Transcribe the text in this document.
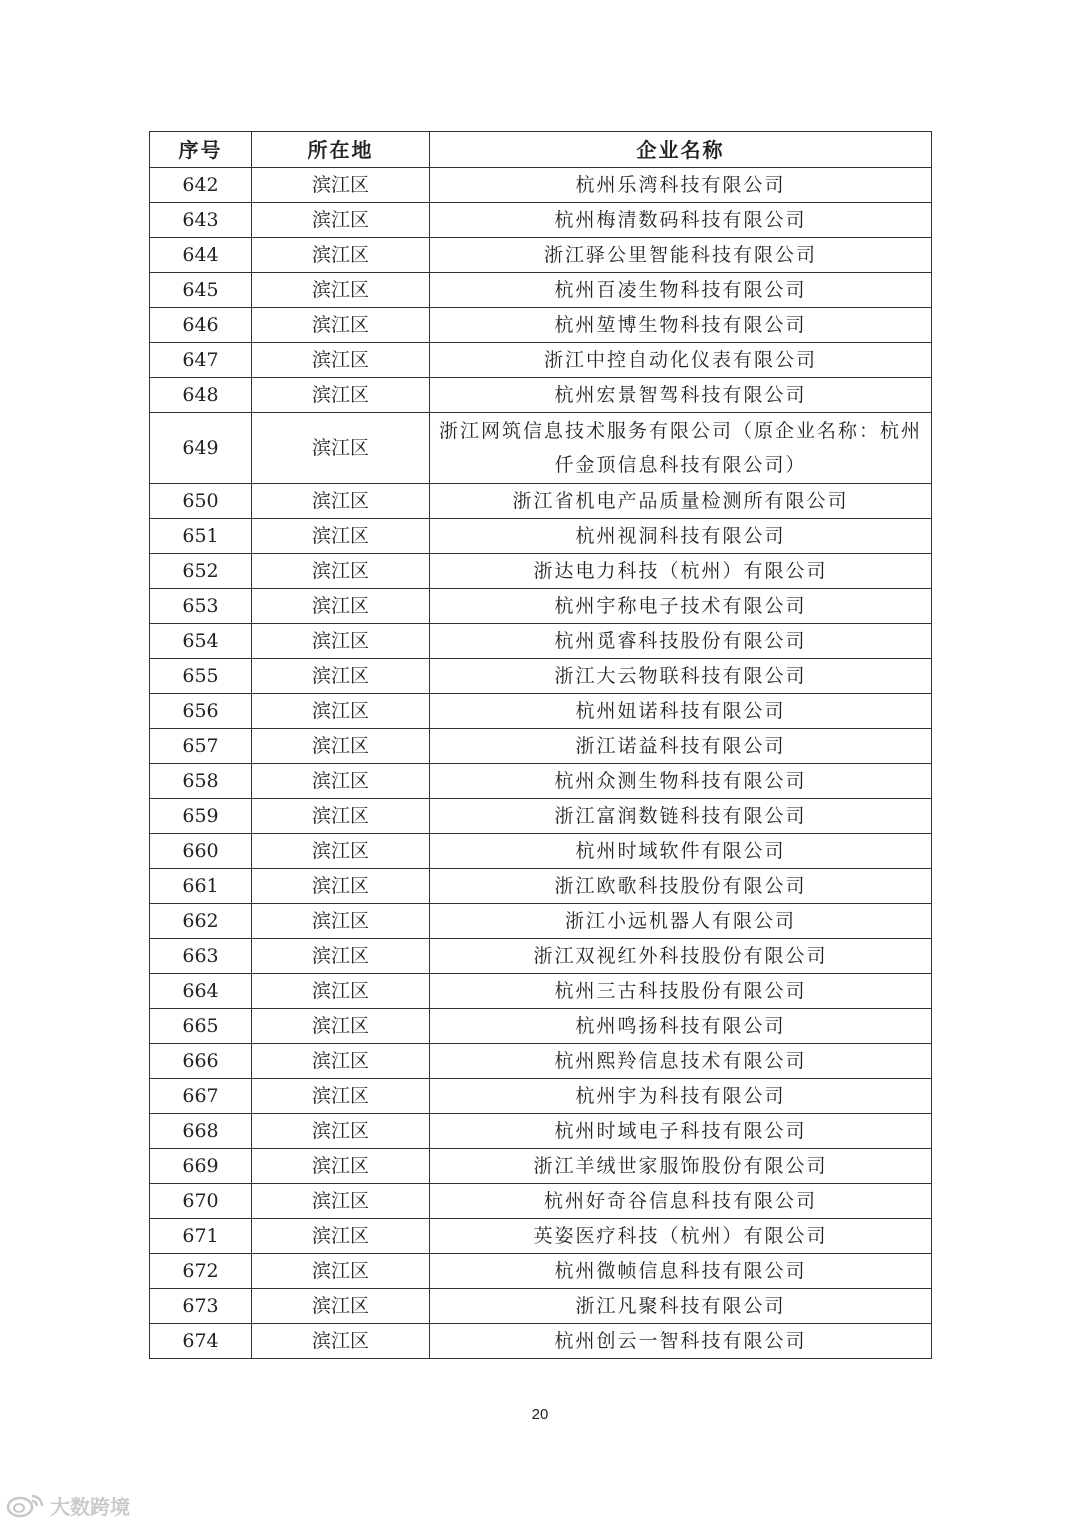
序号	所在地	企业名称
642	滨江区	杭州乐湾科技有限公司
643	滨江区	杭州梅清数码科技有限公司
644	滨江区	浙江驿公里智能科技有限公司
645	滨江区	杭州百凌生物科技有限公司
646	滨江区	杭州堃博生物科技有限公司
647	滨江区	浙江中控自动化仪表有限公司
648	滨江区	杭州宏景智驾科技有限公司
649	滨江区	浙江网筑信息技术服务有限公司（原企业名称：杭州仟金顶信息科技有限公司）
650	滨江区	浙江省机电产品质量检测所有限公司
651	滨江区	杭州视洞科技有限公司
652	滨江区	浙达电力科技（杭州）有限公司
653	滨江区	杭州宇称电子技术有限公司
654	滨江区	杭州觅睿科技股份有限公司
655	滨江区	浙江大云物联科技有限公司
656	滨江区	杭州妞诺科技有限公司
657	滨江区	浙江诺益科技有限公司
658	滨江区	杭州众测生物科技有限公司
659	滨江区	浙江富润数链科技有限公司
660	滨江区	杭州时域软件有限公司
661	滨江区	浙江欧歌科技股份有限公司
662	滨江区	浙江小远机器人有限公司
663	滨江区	浙江双视红外科技股份有限公司
664	滨江区	杭州三古科技股份有限公司
665	滨江区	杭州鸣扬科技有限公司
666	滨江区	杭州熙羚信息技术有限公司
667	滨江区	杭州宇为科技有限公司
668	滨江区	杭州时域电子科技有限公司
669	滨江区	浙江羊绒世家服饰股份有限公司
670	滨江区	杭州好奇谷信息科技有限公司
671	滨江区	英姿医疗科技（杭州）有限公司
672	滨江区	杭州微帧信息科技有限公司
673	滨江区	浙江凡聚科技有限公司
674	滨江区	杭州创云一智科技有限公司
20
大数跨境
